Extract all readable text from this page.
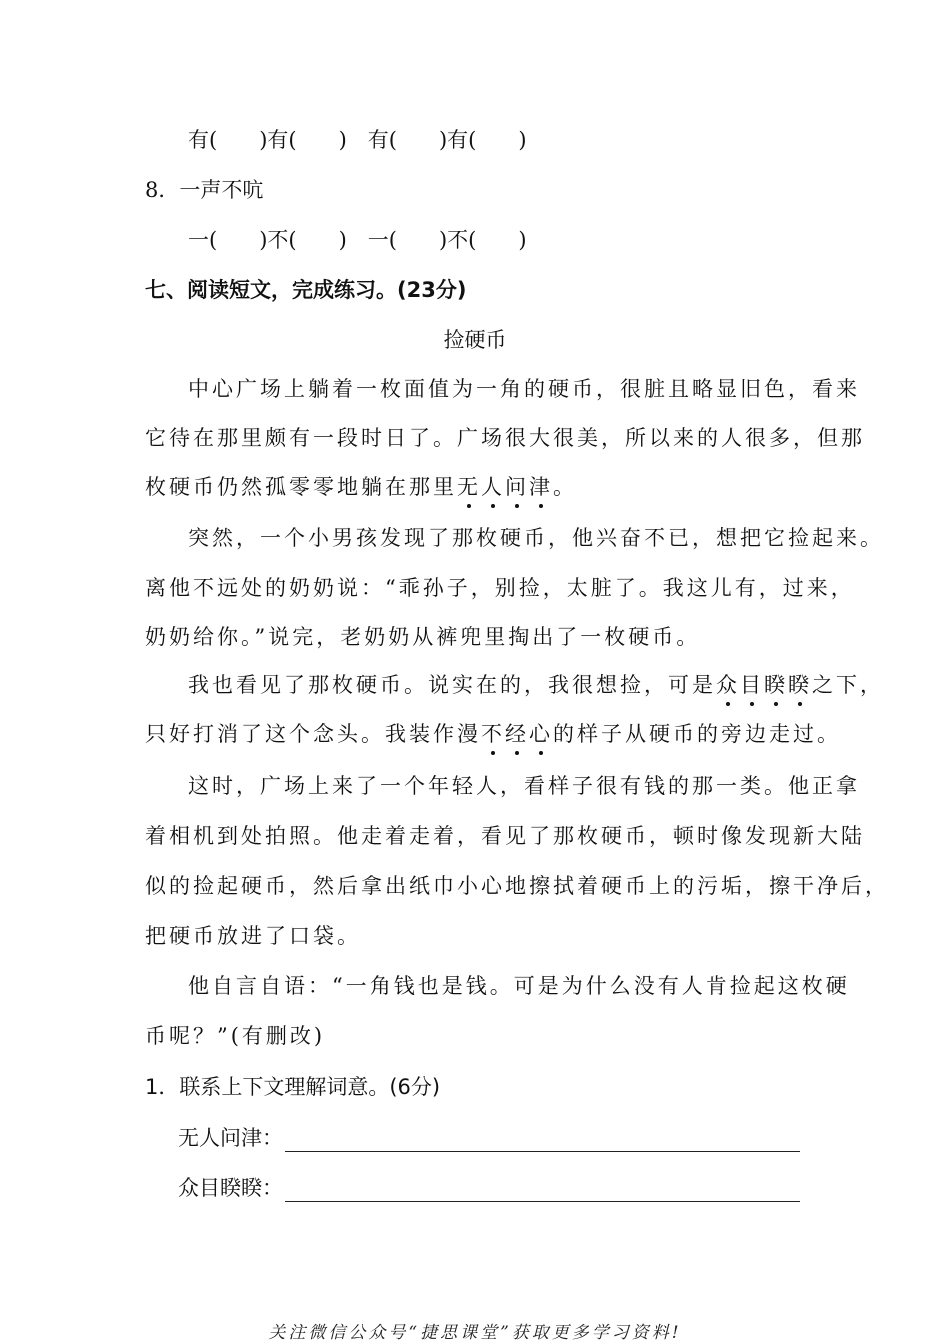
有(　　)有(　　)　有(　　)有(　　)
8．一声不吭
一(　　)不(　　)　一(　　)不(　　)
七、阅读短文，完成练习。(23分)
捡硬币
中心广场上躺着一枚面值为一角的硬币，很脏且略显旧色，看来
它待在那里颇有一段时日了。广场很大很美，所以来的人很多，但那
枚硬币仍然孤零零地躺在那里无人问津。
突然，一个小男孩发现了那枚硬币，他兴奋不已，想把它捡起来。
离他不远处的奶奶说：“乖孙子，别捡，太脏了。我这儿有，过来，
奶奶给你。”说完，老奶奶从裤兜里掏出了一枚硬币。
我也看见了那枚硬币。说实在的，我很想捡，可是众目睽睽之下，
只好打消了这个念头。我装作漫不经心的样子从硬币的旁边走过。
这时，广场上来了一个年轻人，看样子很有钱的那一类。他正拿
着相机到处拍照。他走着走着，看见了那枚硬币，顿时像发现新大陆
似的捡起硬币，然后拿出纸巾小心地擦拭着硬币上的污垢，擦干净后，
把硬币放进了口袋。
他自言自语：“一角钱也是钱。可是为什么没有人肯捡起这枚硬
币呢？”(有删改)
1．联系上下文理解词意。(6分)
无人问津：
众目睽睽：
关注微信公众号“捷思课堂”获取更多学习资料!
